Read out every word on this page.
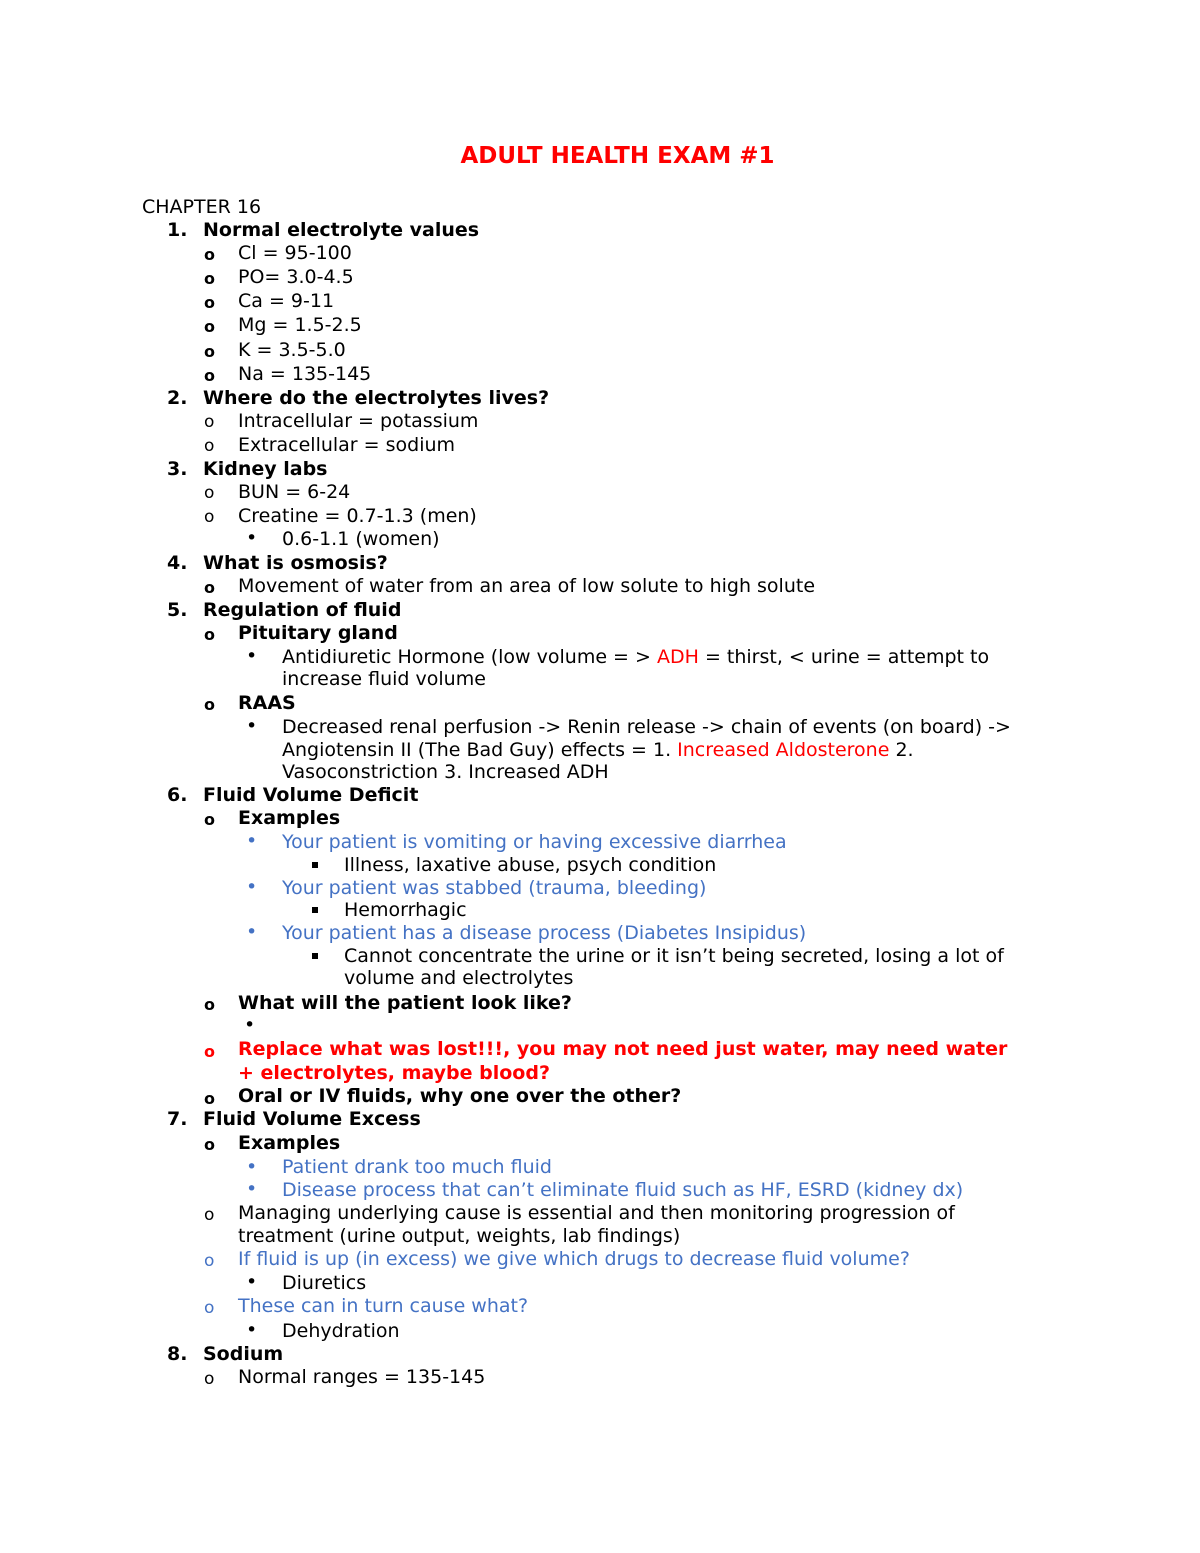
ADULT HEALTH EXAM #1
CHAPTER 16
1. Normal electrolyte values
o Cl = 95-100
o PO= 3.0-4.5
o Ca = 9-11
o Mg = 1.5-2.5
o K = 3.5-5.0
o Na = 135-145
2. Where do the electrolytes lives?
o Intracellular = potassium
o Extracellular = sodium
3. Kidney labs
o BUN = 6-24
o Creatine = 0.7-1.3 (men)
• 0.6-1.1 (women)
4. What is osmosis?
o Movement of water from an area of low solute to high solute
5. Regulation of fluid
o Pituitary gland
• Antidiuretic Hormone (low volume = > ADH = thirst, < urine = attempt to
increase fluid volume
o RAAS
• Decreased renal perfusion -> Renin release -> chain of events (on board) ->
Angiotensin II (The Bad Guy) effects = 1. Increased Aldosterone 2.
Vasoconstriction 3. Increased ADH
6. Fluid Volume Deficit
o Examples
• Your patient is vomiting or having excessive diarrhea
Illness, laxative abuse, psych condition
• Your patient was stabbed (trauma, bleeding)
Hemorrhagic
• Your patient has a disease process (Diabetes Insipidus)
Cannot concentrate the urine or it isn’t being secreted, losing a lot of
volume and electrolytes
o What will the patient look like?
•
o Replace what was lost!!!, you may not need just water, may need water
+ electrolytes, maybe blood?
o Oral or IV fluids, why one over the other?
7. Fluid Volume Excess
o Examples
• Patient drank too much fluid
• Disease process that can’t eliminate fluid such as HF, ESRD (kidney dx)
o Managing underlying cause is essential and then monitoring progression of
treatment (urine output, weights, lab findings)
o If fluid is up (in excess) we give which drugs to decrease fluid volume?
• Diuretics
o These can in turn cause what?
• Dehydration
8. Sodium
o Normal ranges = 135-145
